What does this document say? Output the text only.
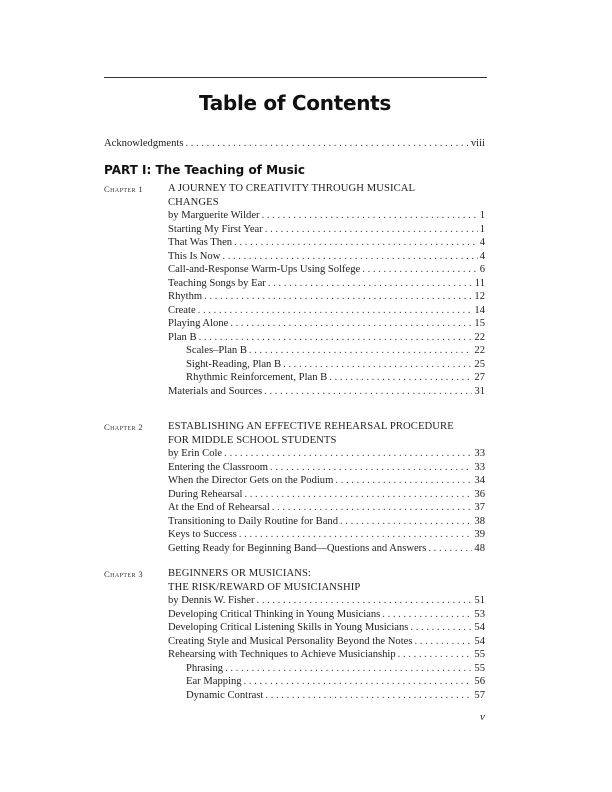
Table of Contents
Acknowledgments . . .	viii
PART I: The Teaching of Music
Chapter 1 A JOURNEY TO CREATIVITY THROUGH MUSICAL
CHANGES
by Marguerite Wilder . . .	1
Starting My First Year . . .	1
That Was Then . . .	4
This Is Now . . .	4
Call-and-Response Warm-Ups Using Solfege . . .	6
Teaching Songs by Ear . . .	11
Rhythm . . .	12
Create . . .	14
Playing Alone . . .	15
Plan B . . .	22
Scales–Plan B . . .	22
Sight-Reading, Plan B . . .	25
Rhythmic Reinforcement, Plan B . . .	27
Materials and Sources . . .	31
Chapter 2 ESTABLISHING AN EFFECTIVE REHEARSAL PROCEDURE
FOR MIDDLE SCHOOL STUDENTS
by Erin Cole . . .	33
Entering the Classroom . . .	33
When the Director Gets on the Podium . . .	34
During Rehearsal . . .	36
At the End of Rehearsal . . .	37
Transitioning to Daily Routine for Band . . .	38
Keys to Success . . .	39
Getting Ready for Beginning Band—Questions and Answers . . .	48
Chapter 3 BEGINNERS OR MUSICIANS:
THE RISK/REWARD OF MUSICIANSHIP
by Dennis W. Fisher . . .	51
Developing Critical Thinking in Young Musicians . . .	53
Developing Critical Listening Skills in Young Musicians . . .	54
Creating Style and Musical Personality Beyond the Notes . . .	54
Rehearsing with Techniques to Achieve Musicianship . . .	55
Phrasing . . .	55
Ear Mapping . . .	56
Dynamic Contrast . . .	57
v
